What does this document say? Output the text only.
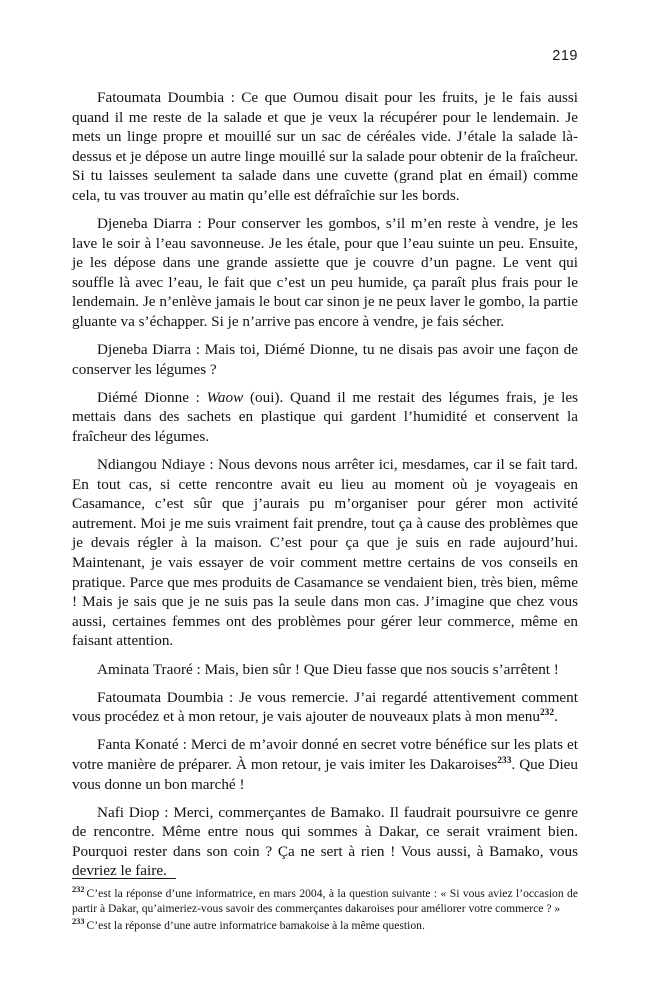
219

Fatoumata Doumbia : Ce que Oumou disait pour les fruits, je le fais aussi quand il me reste de la salade et que je veux la récupérer pour le lendemain. Je mets un linge propre et mouillé sur un sac de céréales vide. J’étale la salade là-dessus et je dépose un autre linge mouillé sur la salade pour obtenir de la fraîcheur. Si tu laisses seulement ta salade dans une cuvette (grand plat en émail) comme cela, tu vas trouver au matin qu’elle est défraîchie sur les bords.

Djeneba Diarra : Pour conserver les gombos, s’il m’en reste à vendre, je les lave le soir à l’eau savonneuse. Je les étale, pour que l’eau suinte un peu. Ensuite, je les dépose dans une grande assiette que je couvre d’un pagne. Le vent qui souffle là avec l’eau, le fait que c’est un peu humide, ça paraît plus frais pour le lendemain. Je n’enlève jamais le bout car sinon je ne peux laver le gombo, la partie gluante va s’échapper. Si je n’arrive pas encore à vendre, je fais sécher.

Djeneba Diarra : Mais toi, Diémé Dionne, tu ne disais pas avoir une façon de conserver les légumes ?

Diémé Dionne : Waow (oui). Quand il me restait des légumes frais, je les mettais dans des sachets en plastique qui gardent l’humidité et conservent la fraîcheur des légumes.

Ndiangou Ndiaye : Nous devons nous arrêter ici, mesdames, car il se fait tard. En tout cas, si cette rencontre avait eu lieu au moment où je voyageais en Casamance, c’est sûr que j’aurais pu m’organiser pour gérer mon activité autrement. Moi je me suis vraiment fait prendre, tout ça à cause des problèmes que je devais régler à la maison. C’est pour ça que je suis en rade aujourd’hui. Maintenant, je vais essayer de voir comment mettre certains de vos conseils en pratique. Parce que mes produits de Casamance se vendaient bien, très bien, même ! Mais je sais que je ne suis pas la seule dans mon cas. J’imagine que chez vous aussi, certaines femmes ont des problèmes pour gérer leur commerce, même en faisant attention.

Aminata Traoré : Mais, bien sûr ! Que Dieu fasse que nos soucis s’arrêtent !

Fatoumata Doumbia : Je vous remercie. J’ai regardé attentivement comment vous procédez et à mon retour, je vais ajouter de nouveaux plats à mon menu$^{232}$.

Fanta Konaté : Merci de m’avoir donné en secret votre bénéfice sur les plats et votre manière de préparer. À mon retour, je vais imiter les Dakaroises$^{233}$. Que Dieu vous donne un bon marché !

Nafi Diop : Merci, commerçantes de Bamako. Il faudrait poursuivre ce genre de rencontre. Même entre nous qui sommes à Dakar, ce serait vraiment bien. Pourquoi rester dans son coin ? Ça ne sert à rien ! Vous aussi, à Bamako, vous devriez le faire.

$^{232}$ C’est la réponse d’une informatrice, en mars 2004, à la question suivante : « Si vous aviez l’occasion de partir à Dakar, qu’aimeriez-vous savoir des commerçantes dakaroises pour améliorer votre commerce ? »

$^{233}$ C’est la réponse d’une autre informatrice bamakoise à la même question.
